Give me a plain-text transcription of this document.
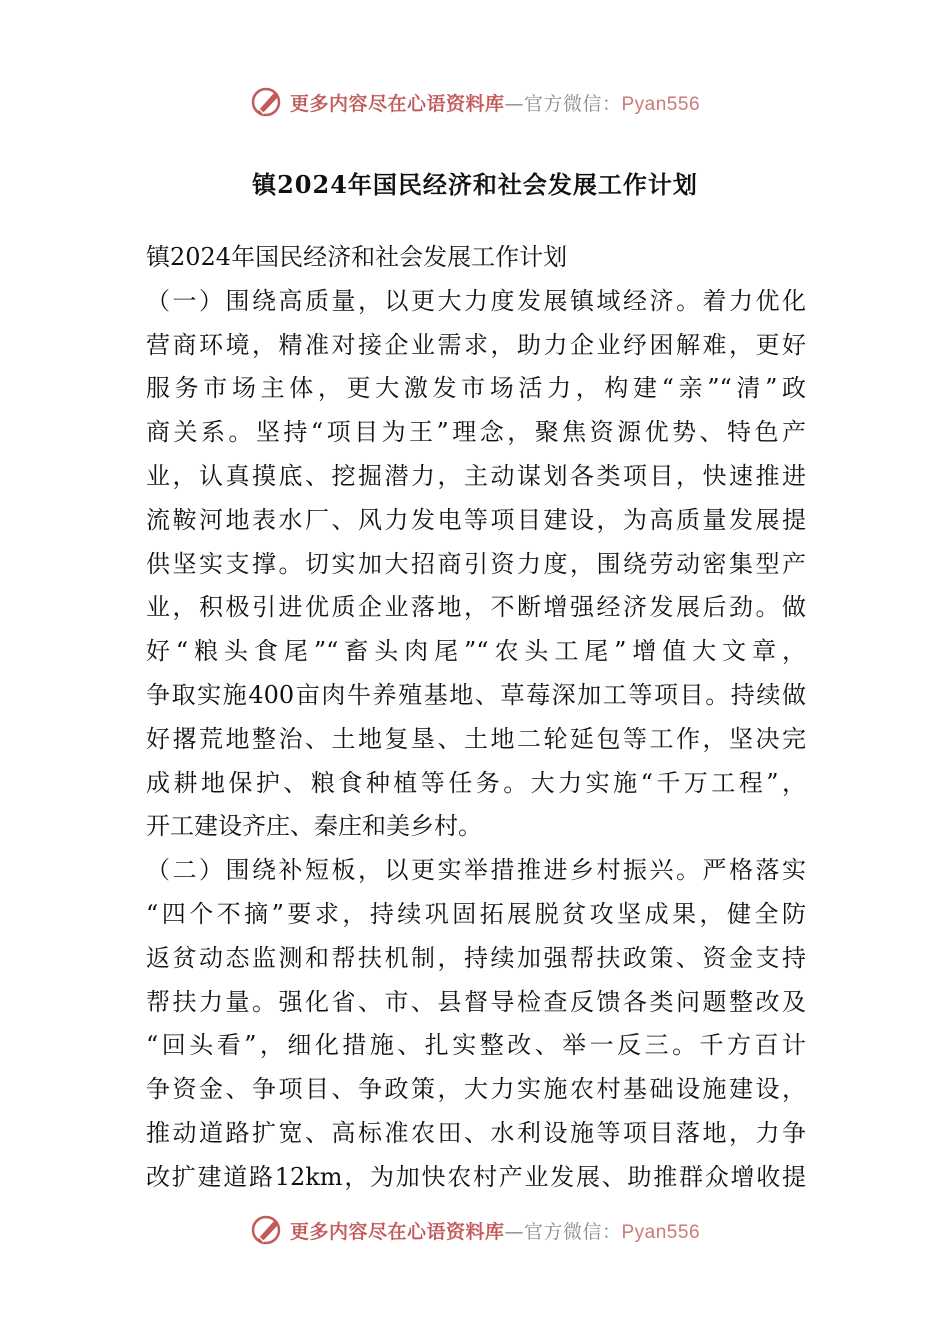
更多内容尽在心语资料库—官方微信：Pyan556
镇2024年国民经济和社会发展工作计划
镇2024年国民经济和社会发展工作计划
（一）围绕高质量，以更大力度发展镇域经济。着力优化
营商环境，精准对接企业需求，助力企业纾困解难，更好
服务市场主体，更大激发市场活力，构建“亲”“清”政
商关系。坚持“项目为王”理念，聚焦资源优势、特色产
业，认真摸底、挖掘潜力，主动谋划各类项目，快速推进
流鞍河地表水厂、风力发电等项目建设，为高质量发展提
供坚实支撑。切实加大招商引资力度，围绕劳动密集型产
业，积极引进优质企业落地，不断增强经济发展后劲。做
好“粮头食尾”“畜头肉尾”“农头工尾”增值大文章，
争取实施400亩肉牛养殖基地、草莓深加工等项目。持续做
好撂荒地整治、土地复垦、土地二轮延包等工作，坚决完
成耕地保护、粮食种植等任务。大力实施“千万工程”，
开工建设齐庄、秦庄和美乡村。
（二）围绕补短板，以更实举措推进乡村振兴。严格落实
“四个不摘”要求，持续巩固拓展脱贫攻坚成果，健全防
返贫动态监测和帮扶机制，持续加强帮扶政策、资金支持
帮扶力量。强化省、市、县督导检查反馈各类问题整改及
“回头看”，细化措施、扎实整改、举一反三。千方百计
争资金、争项目、争政策，大力实施农村基础设施建设，
推动道路扩宽、高标准农田、水利设施等项目落地，力争
改扩建道路12km，为加快农村产业发展、助推群众增收提
更多内容尽在心语资料库—官方微信：Pyan556
